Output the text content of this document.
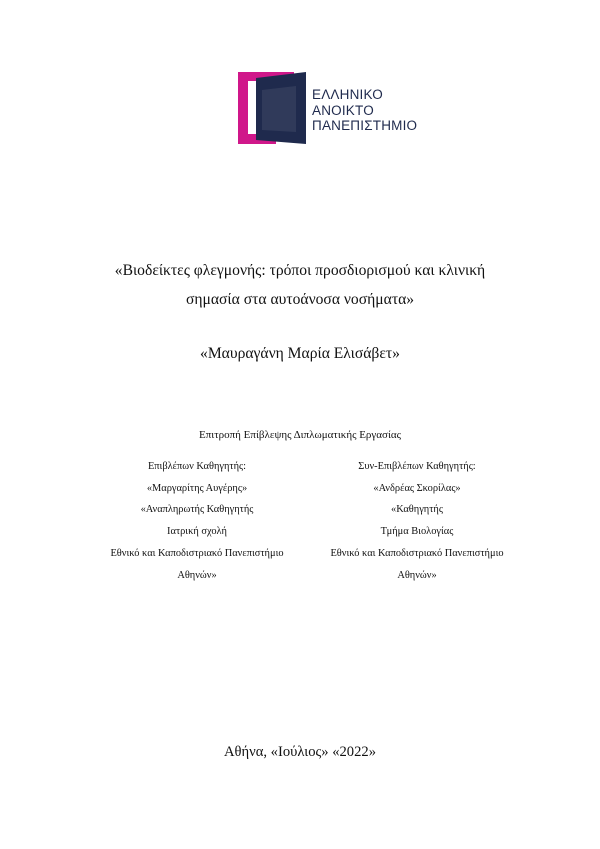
ΕΛΛΗΝΙΚΟ
ΑΝΟΙΚΤΟ
ΠΑΝΕΠΙΣΤΗΜΙΟ
«Βιοδείκτες φλεγμονής: τρόποι προσδιορισμού και κλινική
σημασία στα αυτοάνοσα νοσήματα»
«Μαυραγάνη Μαρία Ελισάβετ»
Επιτροπή Επίβλεψης Διπλωματικής Εργασίας
Επιβλέπων Καθηγητής:
«Μαργαρίτης Αυγέρης»
«Αναπληρωτής Καθηγητής
Ιατρική σχολή
Εθνικό και Καποδιστριακό Πανεπιστήμιο
Αθηνών»
Συν-Επιβλέπων Καθηγητής:
«Ανδρέας Σκορίλας»
«Καθηγητής
Τμήμα Βιολογίας
Εθνικό και Καποδιστριακό Πανεπιστήμιο
Αθηνών»
Αθήνα, «Ιούλιος» «2022»
